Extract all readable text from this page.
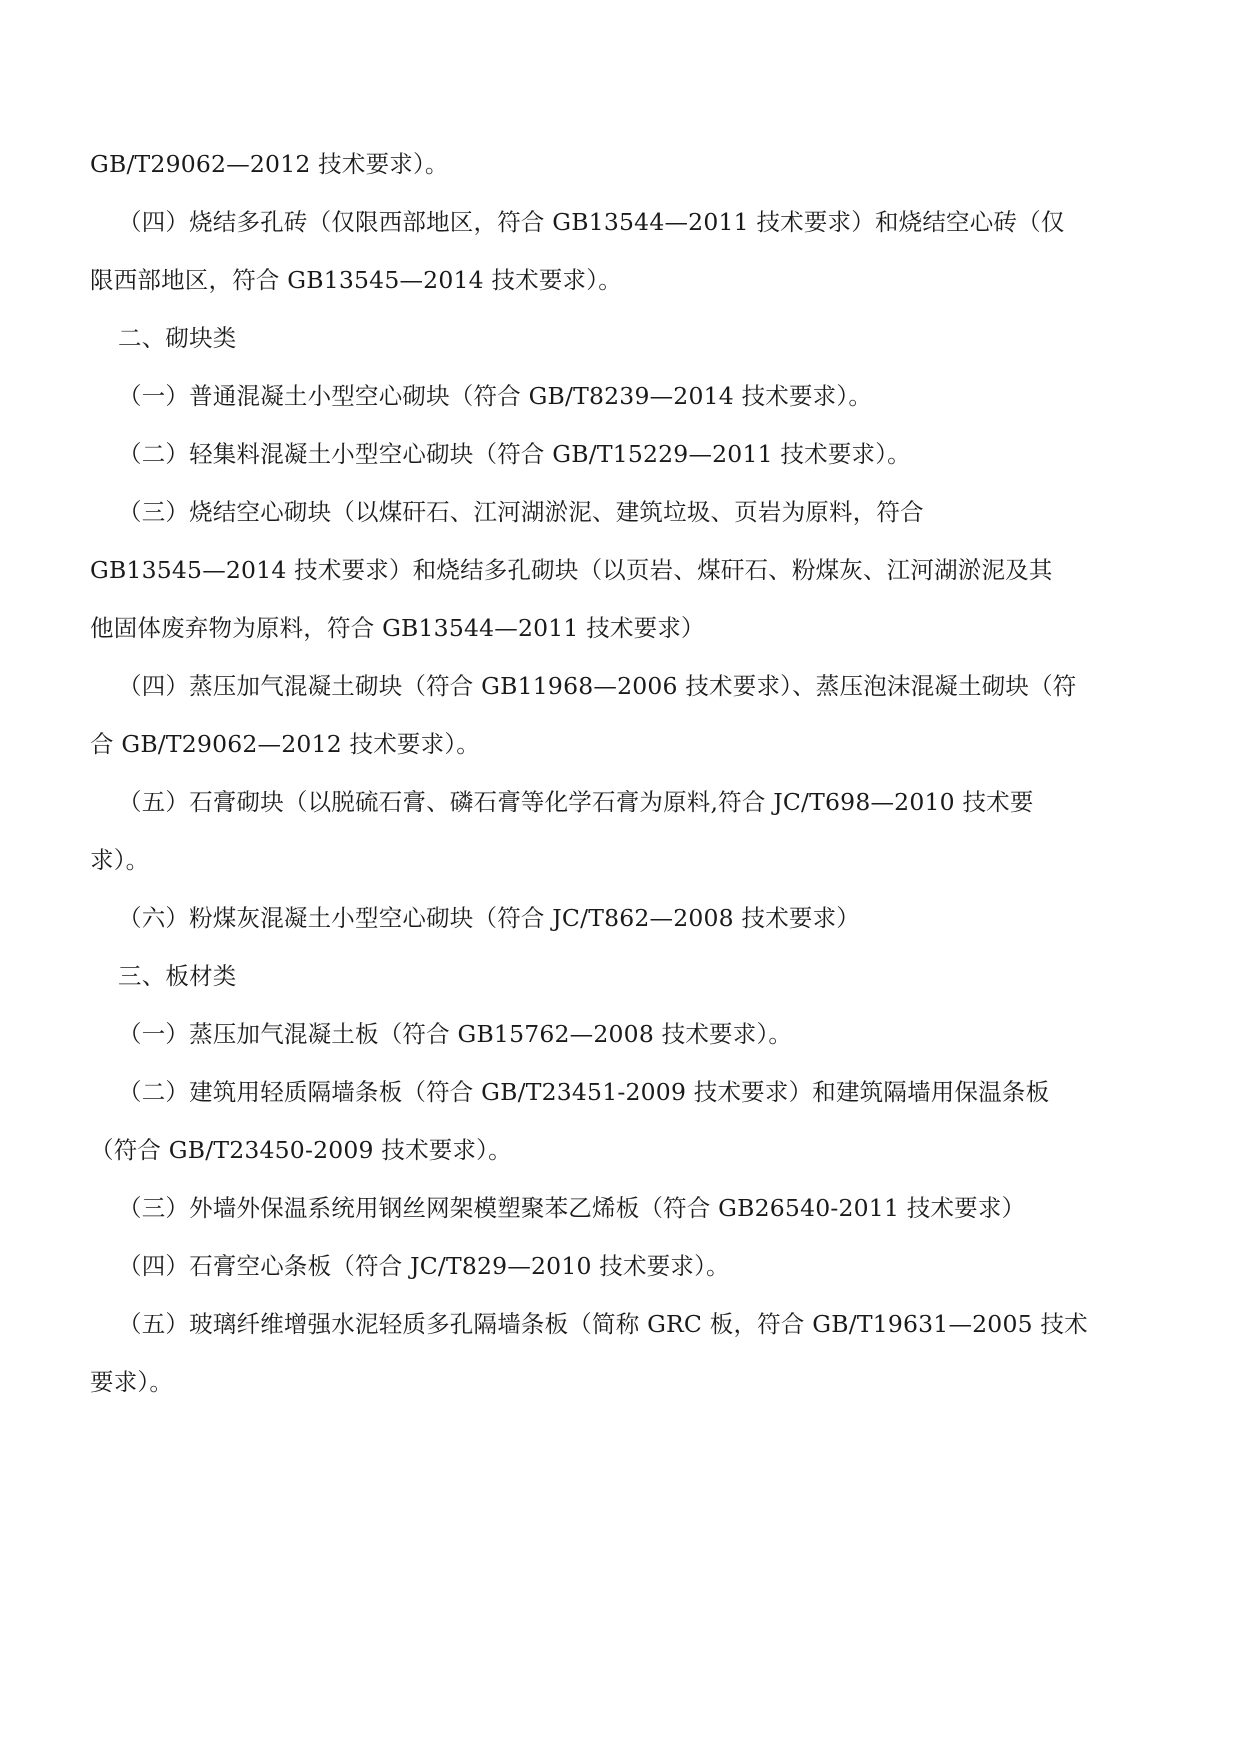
GB/T29062—2012 技术要求）。
（四）烧结多孔砖（仅限西部地区，符合 GB13544—2011 技术要求）和烧结空心砖（仅
限西部地区，符合 GB13545—2014 技术要求）。
二、砌块类
（一）普通混凝土小型空心砌块（符合 GB/T8239—2014 技术要求）。
（二）轻集料混凝土小型空心砌块（符合 GB/T15229—2011 技术要求）。
（三）烧结空心砌块（以煤矸石、江河湖淤泥、建筑垃圾、页岩为原料，符合
GB13545—2014 技术要求）和烧结多孔砌块（以页岩、煤矸石、粉煤灰、江河湖淤泥及其
他固体废弃物为原料，符合 GB13544—2011 技术要求）
（四）蒸压加气混凝土砌块（符合 GB11968—2006 技术要求）、蒸压泡沫混凝土砌块（符
合 GB/T29062—2012 技术要求）。
（五）石膏砌块（以脱硫石膏、磷石膏等化学石膏为原料,符合 JC/T698—2010 技术要
求）。
（六）粉煤灰混凝土小型空心砌块（符合 JC/T862—2008 技术要求）
三、板材类
（一）蒸压加气混凝土板（符合 GB15762—2008 技术要求）。
（二）建筑用轻质隔墙条板（符合 GB/T23451-2009 技术要求）和建筑隔墙用保温条板
（符合 GB/T23450-2009 技术要求）。
（三）外墙外保温系统用钢丝网架模塑聚苯乙烯板（符合 GB26540-2011 技术要求）
（四）石膏空心条板（符合 JC/T829—2010 技术要求）。
（五）玻璃纤维增强水泥轻质多孔隔墙条板（简称 GRC 板，符合 GB/T19631—2005 技术
要求）。
